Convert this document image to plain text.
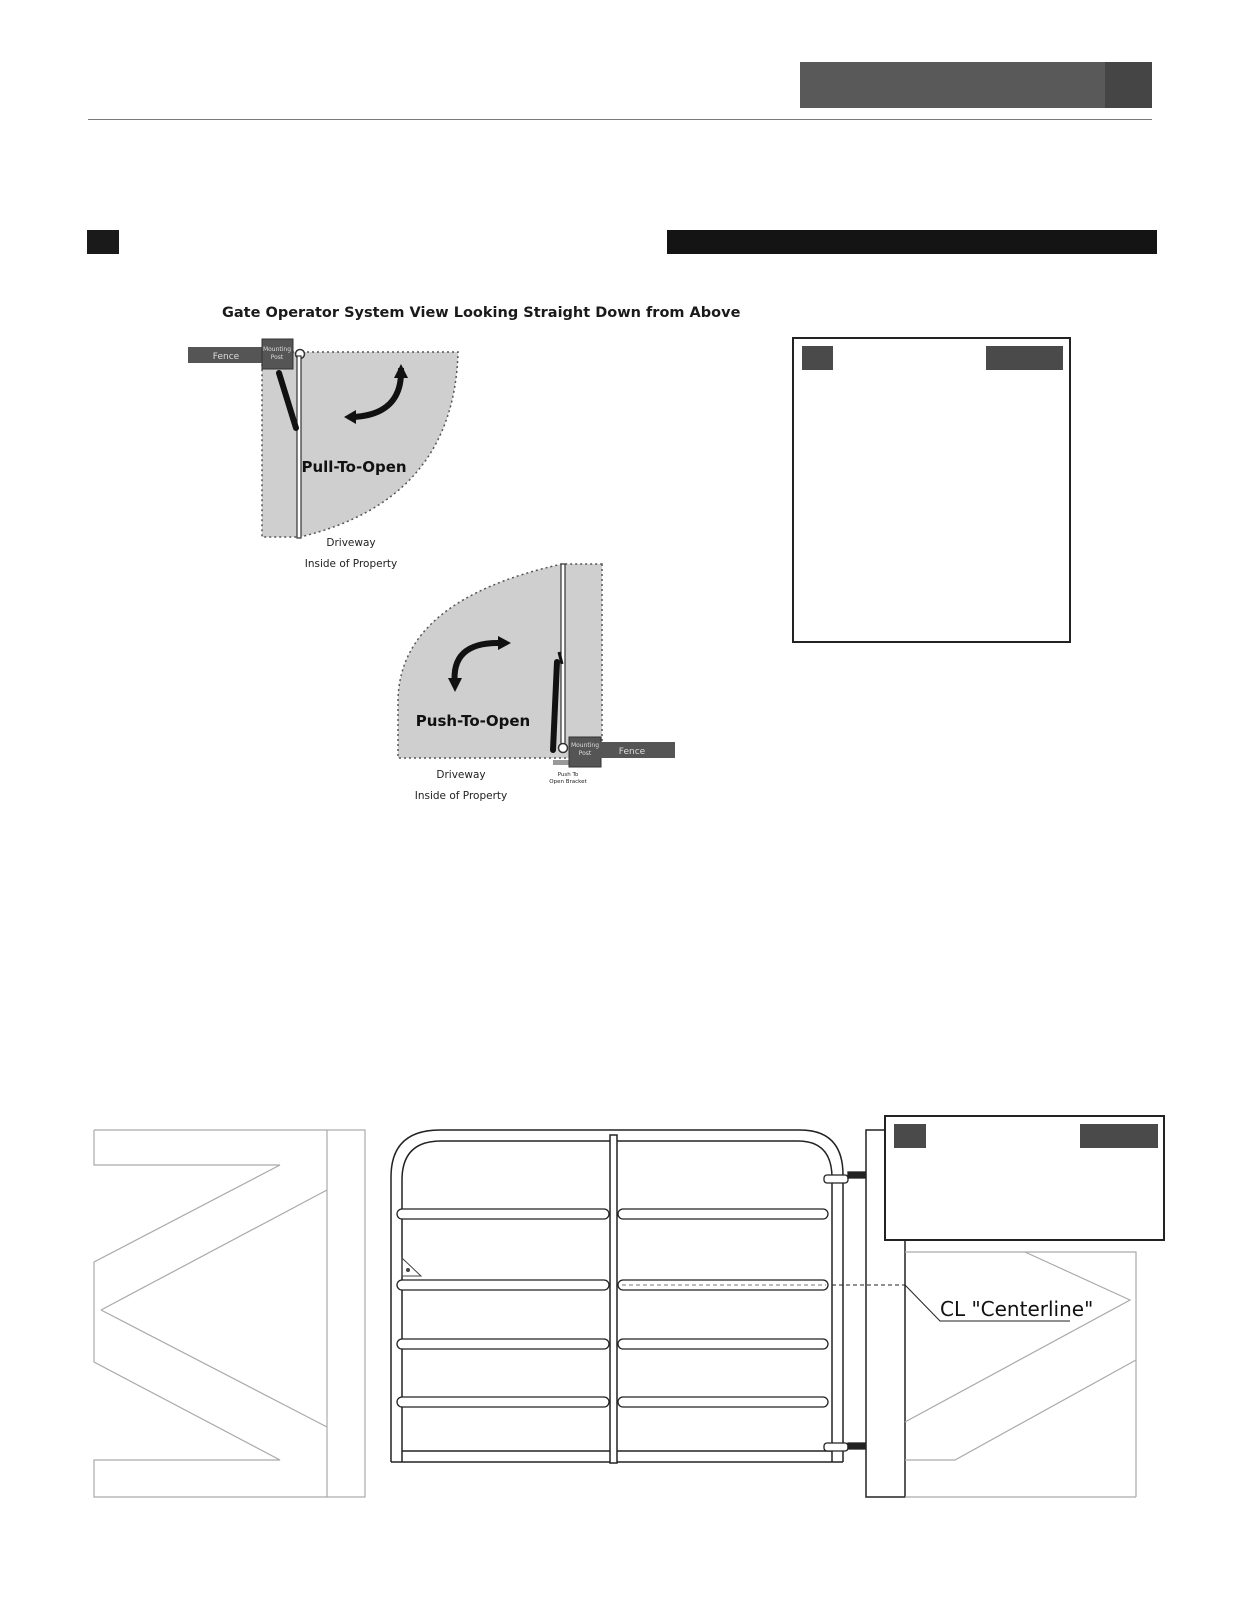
Gate Operator System View Looking Straight Down from Above
Fence
Mounting
Post
Pull-To-Open
Driveway
Inside of Property
Mounting
Post	Fence
Push-To-Open
Push To
Open Bracket
Driveway
Inside of Property
CL "Centerline"
